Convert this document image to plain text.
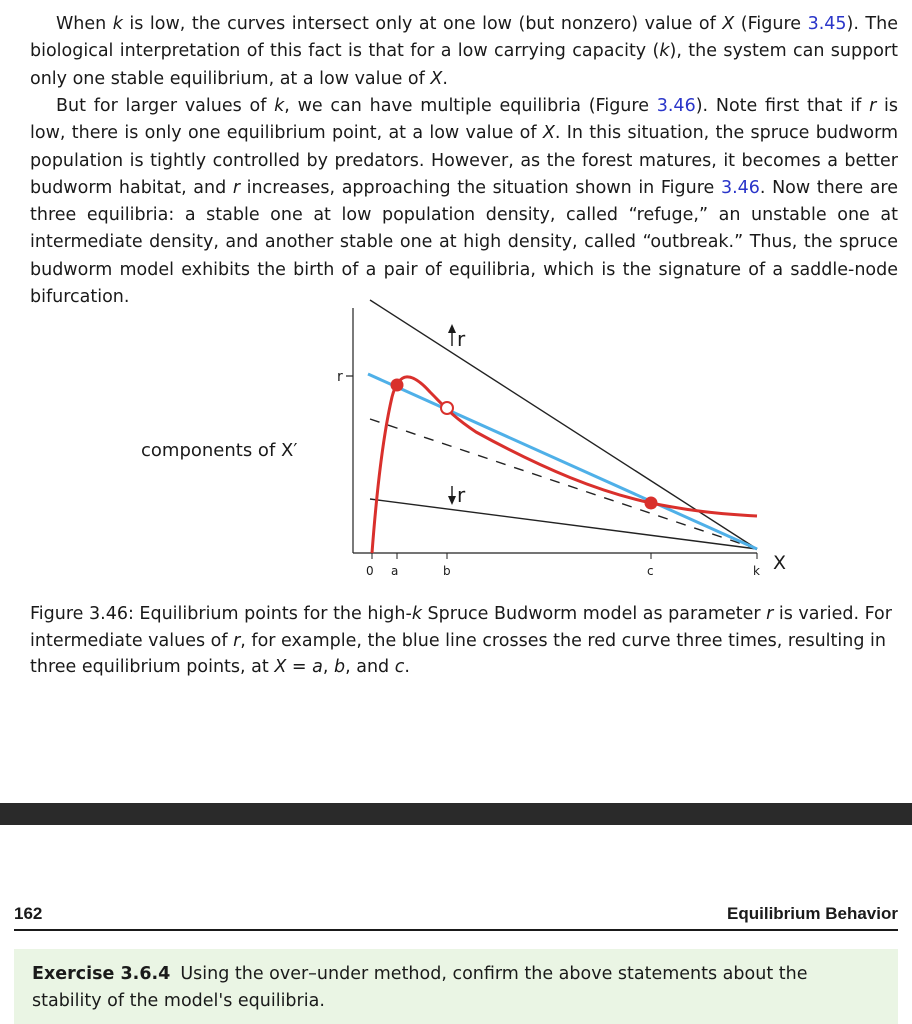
When k is low, the curves intersect only at one low (but nonzero) value of X (Figure 3.45). The biological interpretation of this fact is that for a low carrying capacity (k), the system can support only one stable equilibrium, at a low value of X.

But for larger values of k, we can have multiple equilibria (Figure 3.46). Note first that if r is low, there is only one equilibrium point, at a low value of X. In this situation, the spruce budworm population is tightly controlled by predators. However, as the forest matures, it becomes a better budworm habitat, and r increases, approaching the situation shown in Figure 3.46. Now there are three equilibria: a stable one at low population density, called “refuge,” an unstable one at intermediate density, and another stable one at high density, called “outbreak.” Thus, the spruce budworm model exhibits the birth of a pair of equilibria, which is the signature of a saddle-node bifurcation.

components of X′
r
r
r
0 a	b	c	k X

Figure 3.46: Equilibrium points for the high-k Spruce Budworm model as parameter r is varied. For intermediate values of r, for example, the blue line crosses the red curve three times, resulting in three equilibrium points, at X = a, b, and c.

162	Equilibrium Behavior
Exercise 3.6.4 Using the over–under method, confirm the above statements about the stability of the model's equilibria.
